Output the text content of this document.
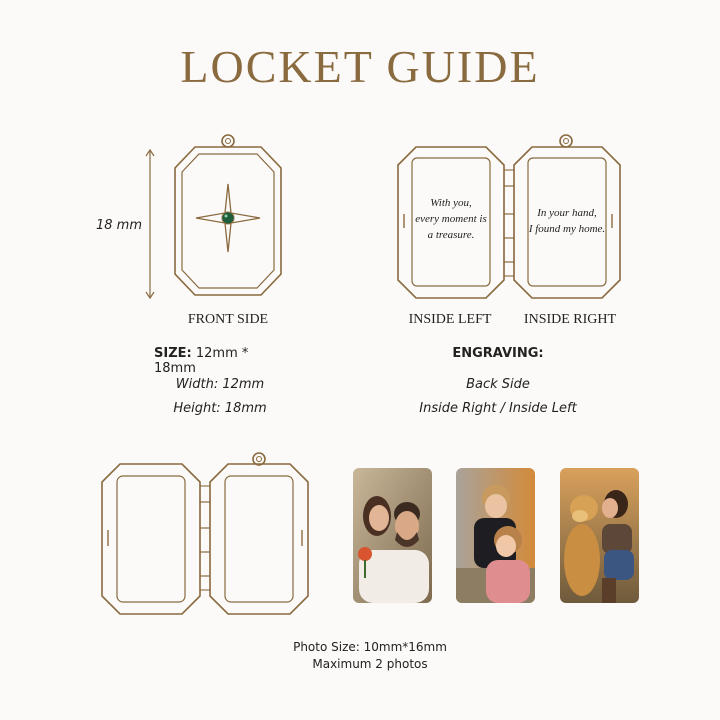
LOCKET GUIDE
18 mm
FRONT SIDE
With you,
every moment is
a treasure.
In your hand,
I found my home.
INSIDE LEFT	INSIDE RIGHT
SIZE: 12mm * 18mm
Width: 12mm
Height: 18mm
ENGRAVING:
Back Side
Inside Right / Inside Left
Photo Size: 10mm*16mm
Maximum 2 photos
